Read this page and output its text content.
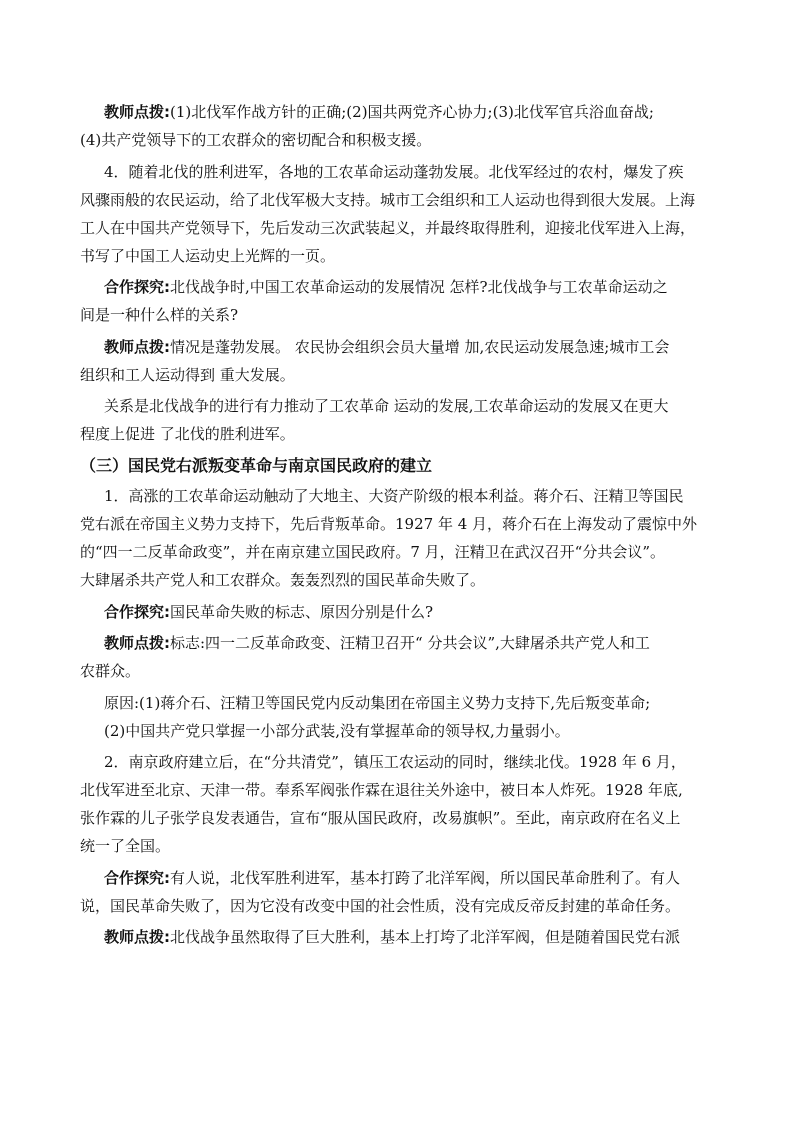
教师点拨:(1)北伐军作战方针的正确;(2)国共两党齐心协力;(3)北伐军官兵浴血奋战;
(4)共产党领导下的工农群众的密切配合和积极支援。
4．随着北伐的胜利进军，各地的工农革命运动蓬勃发展。北伐军经过的农村，爆发了疾
风骤雨般的农民运动，给了北伐军极大支持。城市工会组织和工人运动也得到很大发展。上海
工人在中国共产党领导下，先后发动三次武装起义，并最终取得胜利，迎接北伐军进入上海，
书写了中国工人运动史上光辉的一页。
合作探究:北伐战争时,中国工农革命运动的发展情况 怎样?北伐战争与工农革命运动之
间是一种什么样的关系?
教师点拨:情况是蓬勃发展。 农民协会组织会员大量增 加,农民运动发展急速;城市工会
组织和工人运动得到 重大发展。
关系是北伐战争的进行有力推动了工农革命 运动的发展,工农革命运动的发展又在更大
程度上促进 了北伐的胜利进军。
（三）国民党右派叛变革命与南京国民政府的建立
1．高涨的工农革命运动触动了大地主、大资产阶级的根本利益。蒋介石、汪精卫等国民
党右派在帝国主义势力支持下，先后背叛革命。1927 年 4 月，蒋介石在上海发动了震惊中外
的“四一二反革命政变”，并在南京建立国民政府。7 月，汪精卫在武汉召开“分共会议”。
大肆屠杀共产党人和工农群众。轰轰烈烈的国民革命失败了。
合作探究:国民革命失败的标志、原因分别是什么?
教师点拨:标志:四一二反革命政变、汪精卫召开“ 分共会议”,大肆屠杀共产党人和工
农群众。
原因:(1)蒋介石、汪精卫等国民党内反动集团在帝国主义势力支持下,先后叛变革命;
(2)中国共产党只掌握一小部分武装,没有掌握革命的领导权,力量弱小。
2．南京政府建立后，在“分共清党”，镇压工农运动的同时，继续北伐。1928 年 6 月，
北伐军进至北京、天津一带。奉系军阀张作霖在退往关外途中，被日本人炸死。1928 年底,
张作霖的儿子张学良发表通告，宣布“服从国民政府，改易旗帜”。至此，南京政府在名义上
统一了全国。
合作探究:有人说，北伐军胜利进军，基本打跨了北洋军阀，所以国民革命胜利了。有人
说，国民革命失败了，因为它没有改变中国的社会性质，没有完成反帝反封建的革命任务。
教师点拨:北伐战争虽然取得了巨大胜利，基本上打垮了北洋军阀，但是随着国民党右派
